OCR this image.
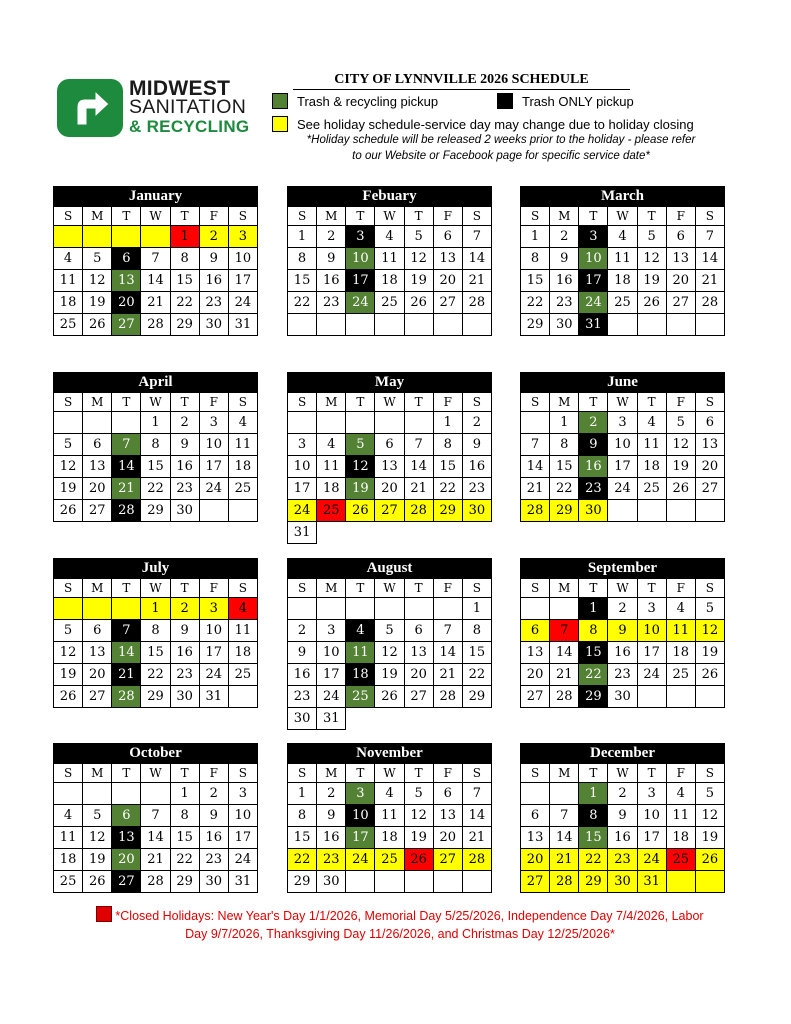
MIDWEST
SANITATION
& RECYCLING
CITY OF LYNNVILLE 2026 SCHEDULE
Trash & recycling pickup	Trash ONLY pickup
See holiday schedule-service day may change due to holiday closing
*Holiday schedule will be released 2 weeks prior to the holiday - please refer
to our Website or Facebook page for specific service date*
January
S	M	T	W	T	F	S
				1	2	3
4	5	6	7	8	9	10
11	12	13	14	15	16	17
18	19	20	21	22	23	24
25	26	27	28	29	30	31
Febuary
S	M	T	W	T	F	S
1	2	3	4	5	6	7
8	9	10	11	12	13	14
15	16	17	18	19	20	21
22	23	24	25	26	27	28

March
S	M	T	W	T	F	S
1	2	3	4	5	6	7
8	9	10	11	12	13	14
15	16	17	18	19	20	21
22	23	24	25	26	27	28
29	30	31				
April
S	M	T	W	T	F	S
			1	2	3	4
5	6	7	8	9	10	11
12	13	14	15	16	17	18
19	20	21	22	23	24	25
26	27	28	29	30		
May
S	M	T	W	T	F	S
					1	2
3	4	5	6	7	8	9
10	11	12	13	14	15	16
17	18	19	20	21	22	23
24	25	26	27	28	29	30
31						
June
S	M	T	W	T	F	S
	1	2	3	4	5	6
7	8	9	10	11	12	13
14	15	16	17	18	19	20
21	22	23	24	25	26	27
28	29	30				
July
S	M	T	W	T	F	S
			1	2	3	4
5	6	7	8	9	10	11
12	13	14	15	16	17	18
19	20	21	22	23	24	25
26	27	28	29	30	31	
August
S	M	T	W	T	F	S
						1
2	3	4	5	6	7	8
9	10	11	12	13	14	15
16	17	18	19	20	21	22
23	24	25	26	27	28	29
30	31					
September
S	M	T	W	T	F	S
		1	2	3	4	5
6	7	8	9	10	11	12
13	14	15	16	17	18	19
20	21	22	23	24	25	26
27	28	29	30			
October
S	M	T	W	T	F	S
				1	2	3
4	5	6	7	8	9	10
11	12	13	14	15	16	17
18	19	20	21	22	23	24
25	26	27	28	29	30	31
November
S	M	T	W	T	F	S
1	2	3	4	5	6	7
8	9	10	11	12	13	14
15	16	17	18	19	20	21
22	23	24	25	26	27	28
29	30					
December
S	M	T	W	T	F	S
		1	2	3	4	5
6	7	8	9	10	11	12
13	14	15	16	17	18	19
20	21	22	23	24	25	26
27	28	29	30	31		
*Closed Holidays: New Year's Day 1/1/2026, Memorial Day 5/25/2026, Independence Day 7/4/2026, Labor
Day 9/7/2026, Thanksgiving Day 11/26/2026, and Christmas Day 12/25/2026*
